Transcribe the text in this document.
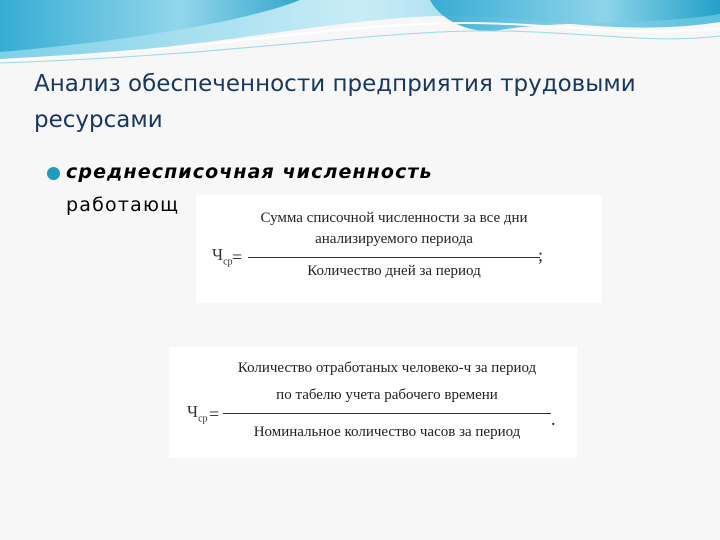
Анализ обеспеченности предприятия трудовыми ресурсами
среднесписочная численность
работающ
$Ч_{ср}$ =
Сумма списочной численности за все дни
анализируемого периода
Количество дней за период
;
$Ч_{ср}$ =
Количество отработаных человеко-ч за период
по табелю учета рабочего времени
Номинальное количество часов за период
.
